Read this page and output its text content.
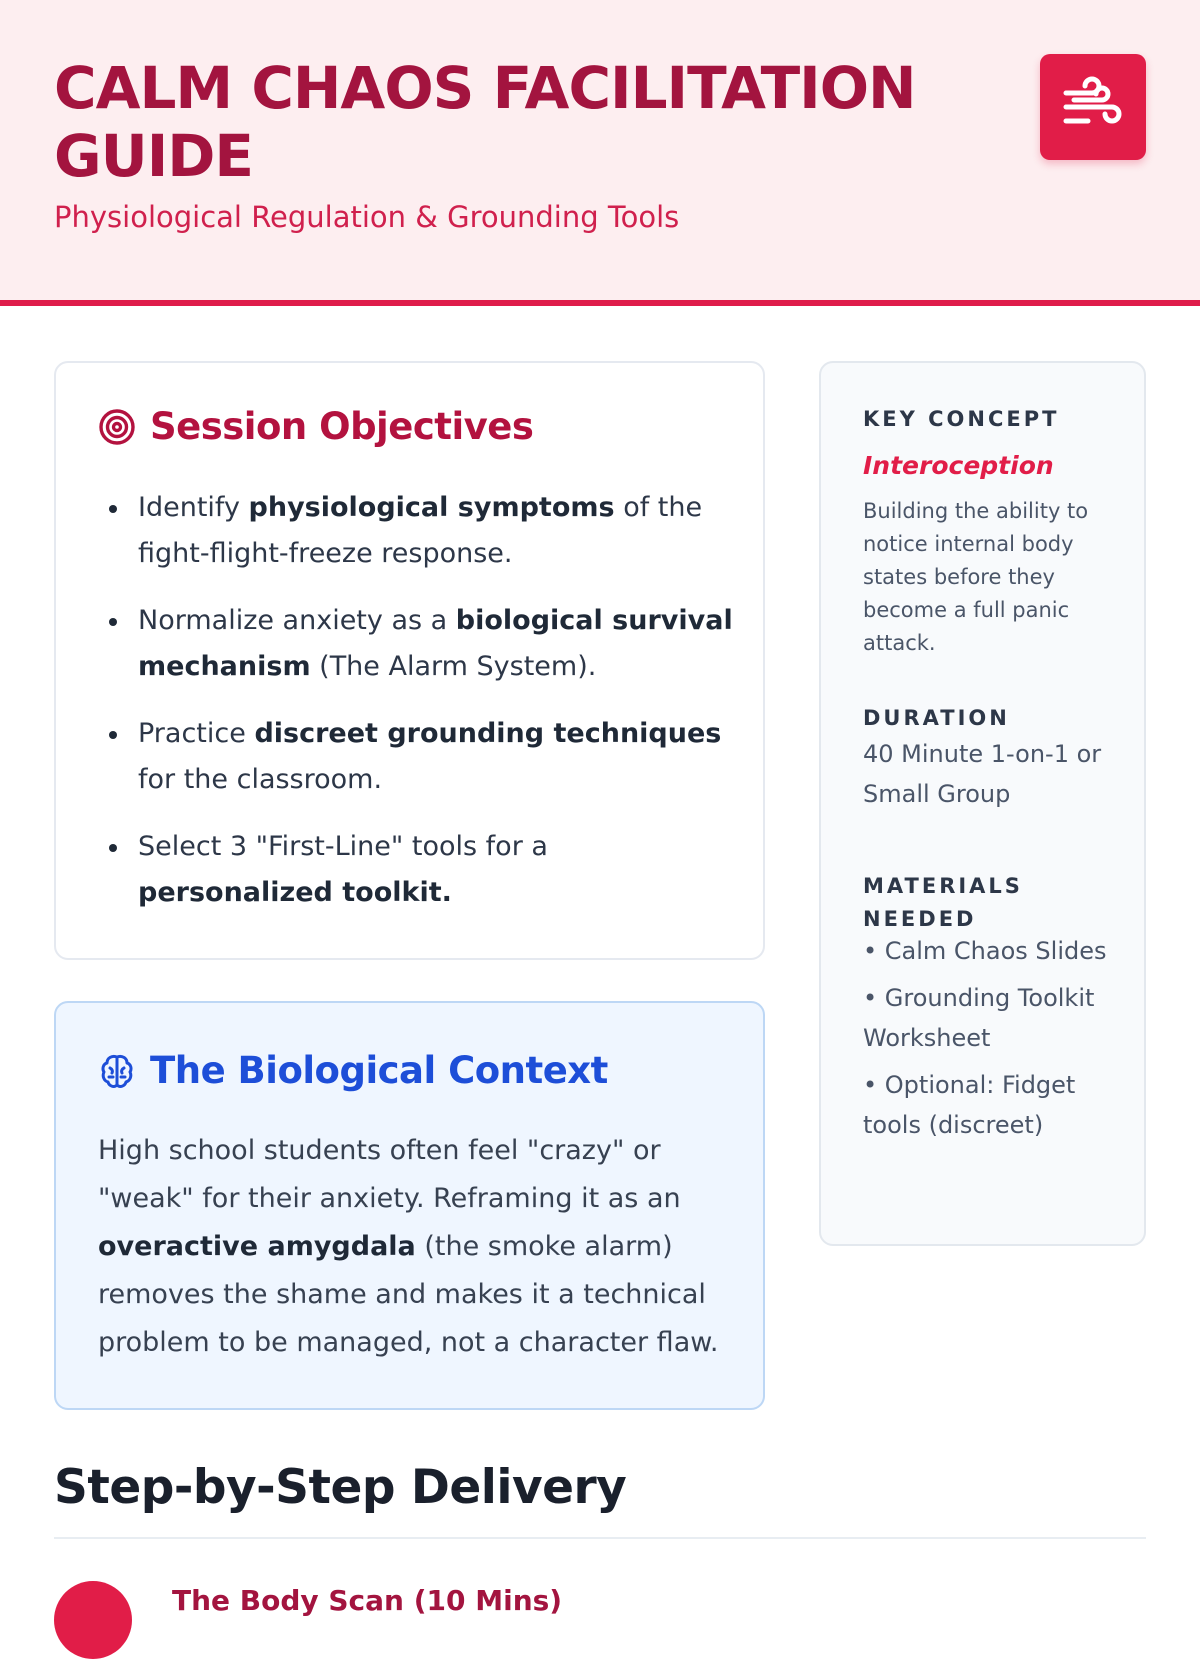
CALM CHAOS FACILITATION GUIDE
Physiological Regulation & Grounding Tools
Session Objectives
Identify physiological symptoms of the fight-flight-freeze response.
Normalize anxiety as a biological survival mechanism (The Alarm System).
Practice discreet grounding techniques for the classroom.
Select 3 "First-Line" tools for a personalized toolkit.
The Biological Context

High school students often feel "crazy" or "weak" for their anxiety. Reframing it as an overactive amygdala (the smoke alarm) removes the shame and makes it a technical problem to be managed, not a character flaw.

KEY CONCEPT
Interoception
Building the ability to notice internal body states before they become a full panic attack.
DURATION
40 Minute 1-on-1 or Small Group
MATERIALS NEEDED
• Calm Chaos Slides
• Grounding Toolkit Worksheet
• Optional: Fidget tools (discreet)
Step-by-Step Delivery
The Body Scan (10 Mins)
